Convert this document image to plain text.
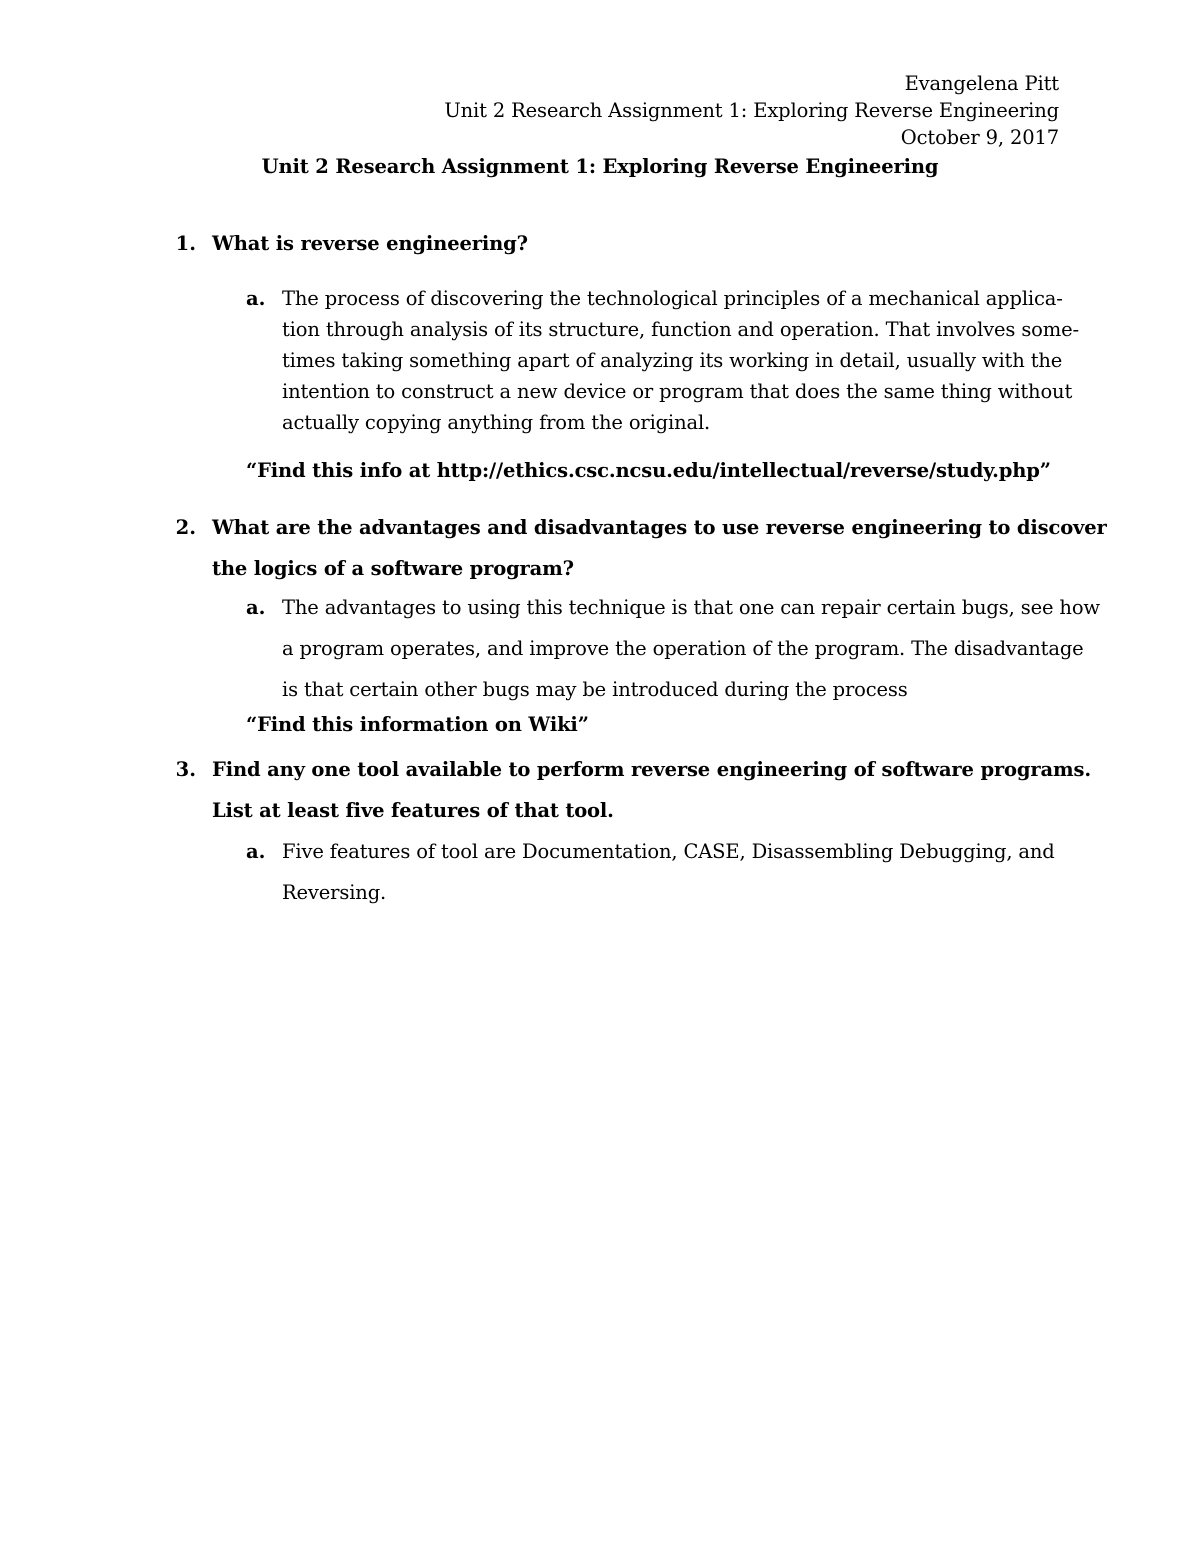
Evangelena Pitt
Unit 2 Research Assignment 1: Exploring Reverse Engineering
October 9, 2017
Unit 2 Research Assignment 1: Exploring Reverse Engineering
1. What is reverse engineering?
a. The process of discovering the technological principles of a mechanical applica-
tion through analysis of its structure, function and operation. That involves some-
times taking something apart of analyzing its working in detail, usually with the
intention to construct a new device or program that does the same thing without
actually copying anything from the original.
“Find this info at http://ethics.csc.ncsu.edu/intellectual/reverse/study.php”
2. What are the advantages and disadvantages to use reverse engineering to discover
the logics of a software program?
a. The advantages to using this technique is that one can repair certain bugs, see how
a program operates, and improve the operation of the program. The disadvantage
is that certain other bugs may be introduced during the process
“Find this information on Wiki”
3. Find any one tool available to perform reverse engineering of software programs.
List at least five features of that tool.
a. Five features of tool are Documentation, CASE, Disassembling Debugging, and
Reversing.
